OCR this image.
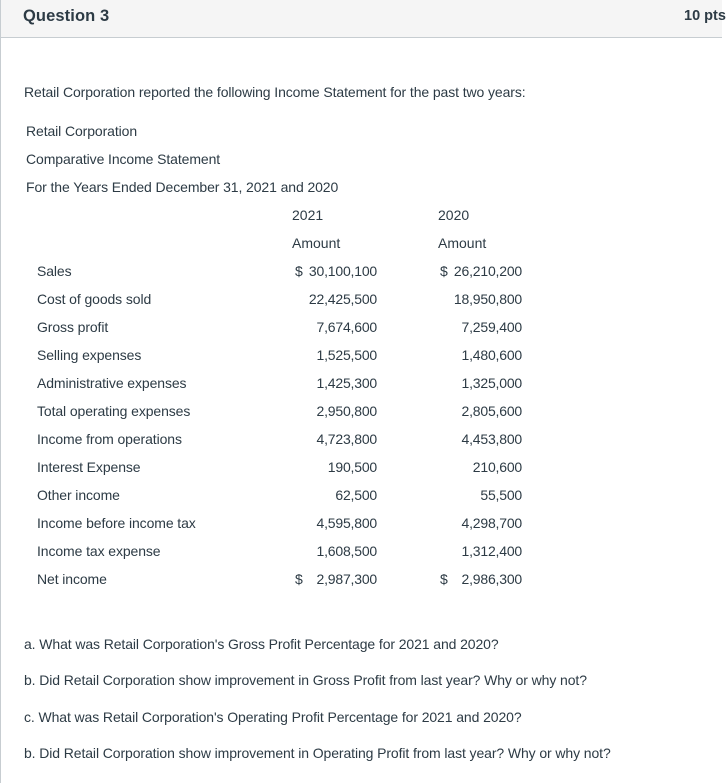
Question 3	10 pts
Retail Corporation reported the following Income Statement for the past two years:
Retail Corporation
Comparative Income Statement
For the Years Ended December 31, 2021 and 2020
2021	2020
Amount	Amount
Sales	30,100,100	26,210,200
$	$
Cost of goods sold	22,425,500	18,950,800
Gross profit	7,674,600	7,259,400
Selling expenses	1,525,500	1,480,600
Administrative expenses	1,425,300	1,325,000
Total operating expenses	2,950,800	2,805,600
Income from operations	4,723,800	4,453,800
Interest Expense	190,500	210,600
Other income	62,500	55,500
Income before income tax	4,595,800	4,298,700
Income tax expense	1,608,500	1,312,400
Net income	2,987,300	2,986,300
$	$
a. What was Retail Corporation's Gross Profit Percentage for 2021 and 2020?
b. Did Retail Corporation show improvement in Gross Profit from last year? Why or why not?
c. What was Retail Corporation's Operating Profit Percentage for 2021 and 2020?
b. Did Retail Corporation show improvement in Operating Profit from last year? Why or why not?
